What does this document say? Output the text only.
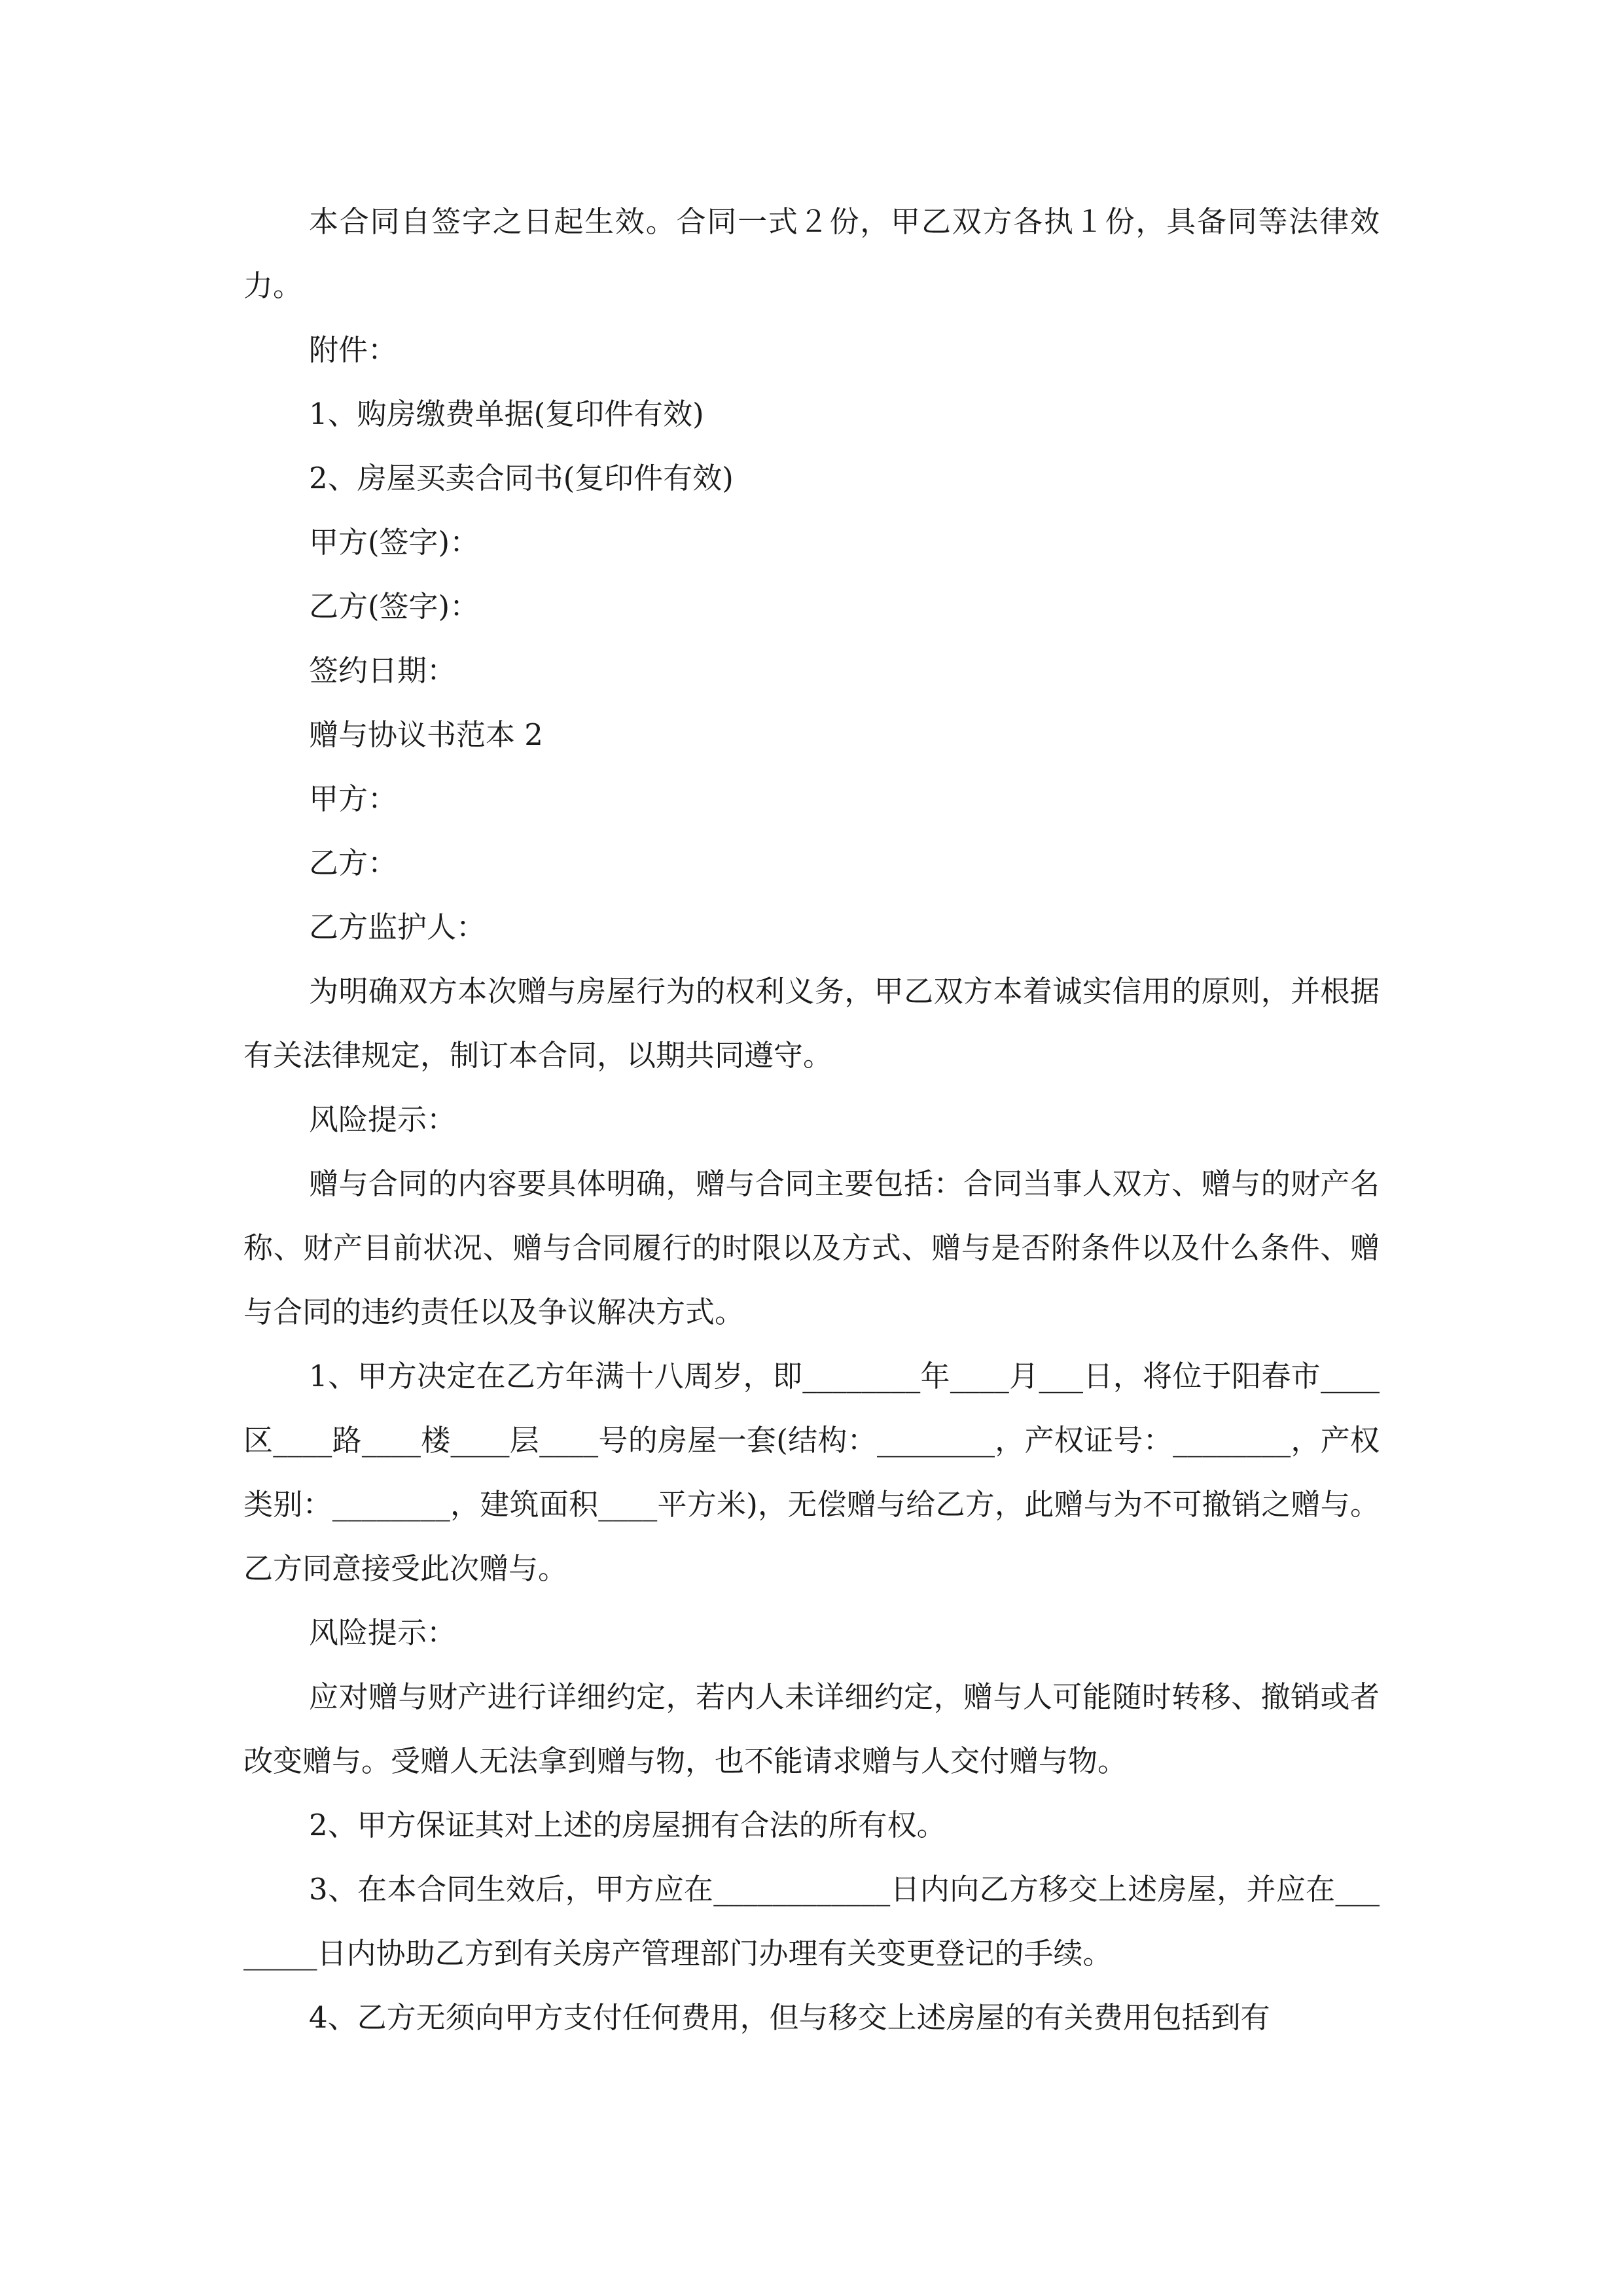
本合同自签字之日起生效。合同一式２份，甲乙双方各执１份，具备同等法律效力。

附件：

1、购房缴费单据(复印件有效)

2、房屋买卖合同书(复印件有效)

甲方(签字)：

乙方(签字)：

签约日期：

赠与协议书范本 2

甲方：

乙方：

乙方监护人：

为明确双方本次赠与房屋行为的权利义务，甲乙双方本着诚实信用的原则，并根据有关法律规定，制订本合同，以期共同遵守。

风险提示：

赠与合同的内容要具体明确，赠与合同主要包括：合同当事人双方、赠与的财产名称、财产目前状况、赠与合同履行的时限以及方式、赠与是否附条件以及什么条件、赠与合同的违约责任以及争议解决方式。

1、甲方决定在乙方年满十八周岁，即________年____月___日，将位于阳春市____区____路____楼____层____号的房屋一套(结构：________，产权证号：________，产权类别：________，建筑面积____平方米)，无偿赠与给乙方，此赠与为不可撤销之赠与。乙方同意接受此次赠与。

风险提示：

应对赠与财产进行详细约定，若内人未详细约定，赠与人可能随时转移、撤销或者改变赠与。受赠人无法拿到赠与物，也不能请求赠与人交付赠与物。

2、甲方保证其对上述的房屋拥有合法的所有权。

3、在本合同生效后，甲方应在____________日内向乙方移交上述房屋，并应在________日内协助乙方到有关房产管理部门办理有关变更登记的手续。

4、乙方无须向甲方支付任何费用，但与移交上述房屋的有关费用包括到有
